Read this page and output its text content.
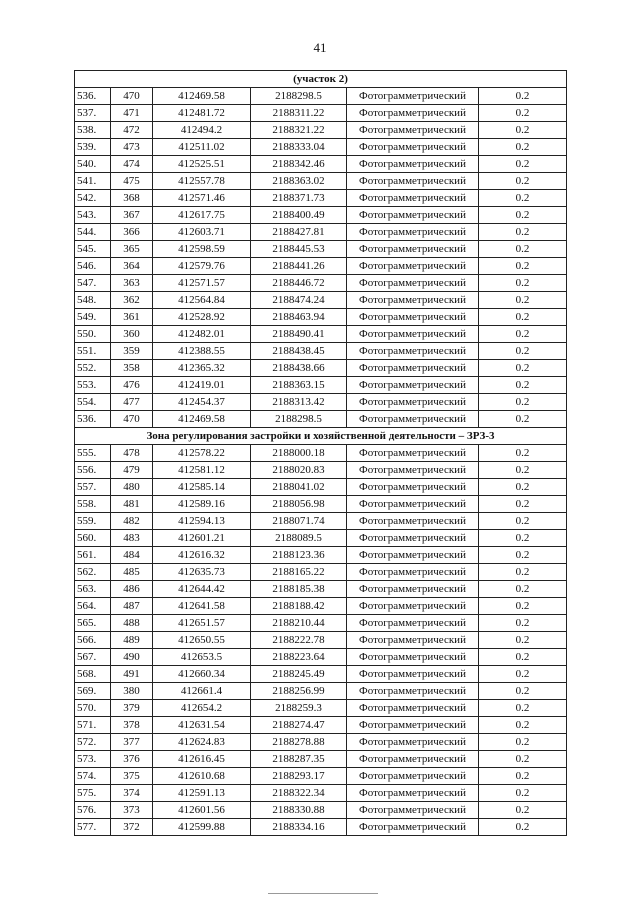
41
(участок 2)					
536.	470	412469.58	2188298.5	Фотограмметрический	0.2
537.	471	412481.72	2188311.22	Фотограмметрический	0.2
538.	472	412494.2	2188321.22	Фотограмметрический	0.2
539.	473	412511.02	2188333.04	Фотограмметрический	0.2
540.	474	412525.51	2188342.46	Фотограмметрический	0.2
541.	475	412557.78	2188363.02	Фотограмметрический	0.2
542.	368	412571.46	2188371.73	Фотограмметрический	0.2
543.	367	412617.75	2188400.49	Фотограмметрический	0.2
544.	366	412603.71	2188427.81	Фотограмметрический	0.2
545.	365	412598.59	2188445.53	Фотограмметрический	0.2
546.	364	412579.76	2188441.26	Фотограмметрический	0.2
547.	363	412571.57	2188446.72	Фотограмметрический	0.2
548.	362	412564.84	2188474.24	Фотограмметрический	0.2
549.	361	412528.92	2188463.94	Фотограмметрический	0.2
550.	360	412482.01	2188490.41	Фотограмметрический	0.2
551.	359	412388.55	2188438.45	Фотограмметрический	0.2
552.	358	412365.32	2188438.66	Фотограмметрический	0.2
553.	476	412419.01	2188363.15	Фотограмметрический	0.2
554.	477	412454.37	2188313.42	Фотограмметрический	0.2
536.	470	412469.58	2188298.5	Фотограмметрический	0.2
Зона регулирования застройки и хозяйственной деятельности – ЗРЗ-3					
555.	478	412578.22	2188000.18	Фотограмметрический	0.2
556.	479	412581.12	2188020.83	Фотограмметрический	0.2
557.	480	412585.14	2188041.02	Фотограмметрический	0.2
558.	481	412589.16	2188056.98	Фотограмметрический	0.2
559.	482	412594.13	2188071.74	Фотограмметрический	0.2
560.	483	412601.21	2188089.5	Фотограмметрический	0.2
561.	484	412616.32	2188123.36	Фотограмметрический	0.2
562.	485	412635.73	2188165.22	Фотограмметрический	0.2
563.	486	412644.42	2188185.38	Фотограмметрический	0.2
564.	487	412641.58	2188188.42	Фотограмметрический	0.2
565.	488	412651.57	2188210.44	Фотограмметрический	0.2
566.	489	412650.55	2188222.78	Фотограмметрический	0.2
567.	490	412653.5	2188223.64	Фотограмметрический	0.2
568.	491	412660.34	2188245.49	Фотограмметрический	0.2
569.	380	412661.4	2188256.99	Фотограмметрический	0.2
570.	379	412654.2	2188259.3	Фотограмметрический	0.2
571.	378	412631.54	2188274.47	Фотограмметрический	0.2
572.	377	412624.83	2188278.88	Фотограмметрический	0.2
573.	376	412616.45	2188287.35	Фотограмметрический	0.2
574.	375	412610.68	2188293.17	Фотограмметрический	0.2
575.	374	412591.13	2188322.34	Фотограмметрический	0.2
576.	373	412601.56	2188330.88	Фотограмметрический	0.2
577.	372	412599.88	2188334.16	Фотограмметрический	0.2
